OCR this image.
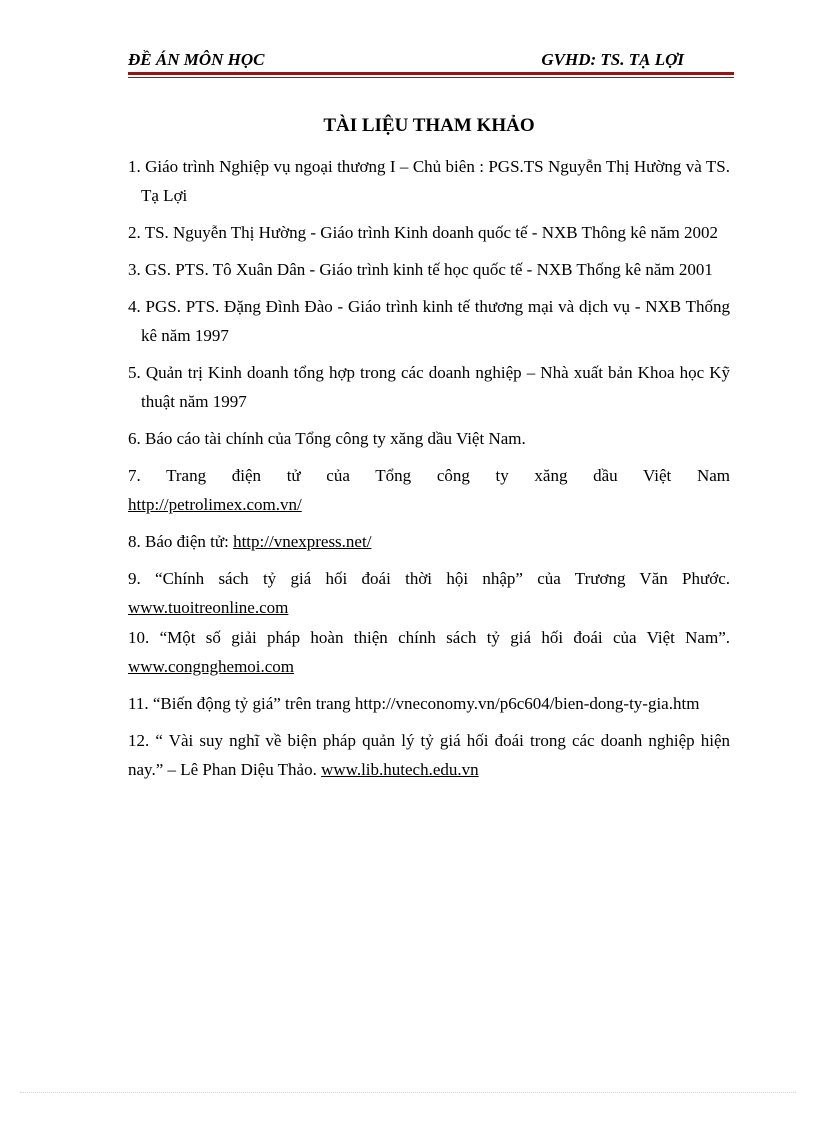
ĐỀ ÁN MÔN HỌC	GVHD: TS. TẠ LỢI
TÀI LIỆU THAM KHẢO
1. Giáo trình Nghiệp vụ ngoại thương I – Chủ biên : PGS.TS Nguyễn Thị Hường và TS. Tạ Lợi
2. TS. Nguyễn Thị Hường - Giáo trình Kinh doanh quốc tế - NXB Thông kê năm 2002
3. GS. PTS. Tô Xuân Dân - Giáo trình kinh tế học quốc tế - NXB Thống kê năm 2001
4. PGS. PTS. Đặng Đình Đào - Giáo trình kinh tế thương mại và dịch vụ - NXB Thống kê năm 1997
5. Quản trị Kinh doanh tổng hợp trong các doanh nghiệp – Nhà xuất bản Khoa học Kỹ thuật năm 1997
6. Báo cáo tài chính của Tổng công ty xăng dầu Việt Nam.
7. Trang điện tử của Tổng công ty xăng dầu Việt Nam
http://petrolimex.com.vn/
8. Báo điện tử: http://vnexpress.net/
9. “Chính sách tỷ giá hối đoái thời hội nhập” của Trương Văn Phước.
www.tuoitreonline.com
10. “Một số giải pháp hoàn thiện chính sách tỷ giá hối đoái của Việt Nam”.
www.congnghemoi.com
11. “Biến động tỷ giá” trên trang http://vneconomy.vn/p6c604/bien-dong-ty-gia.htm
12. “ Vài suy nghĩ về biện pháp quản lý tỷ giá hối đoái trong các doanh nghiệp hiện nay.” – Lê Phan Diệu Thảo. www.lib.hutech.edu.vn
